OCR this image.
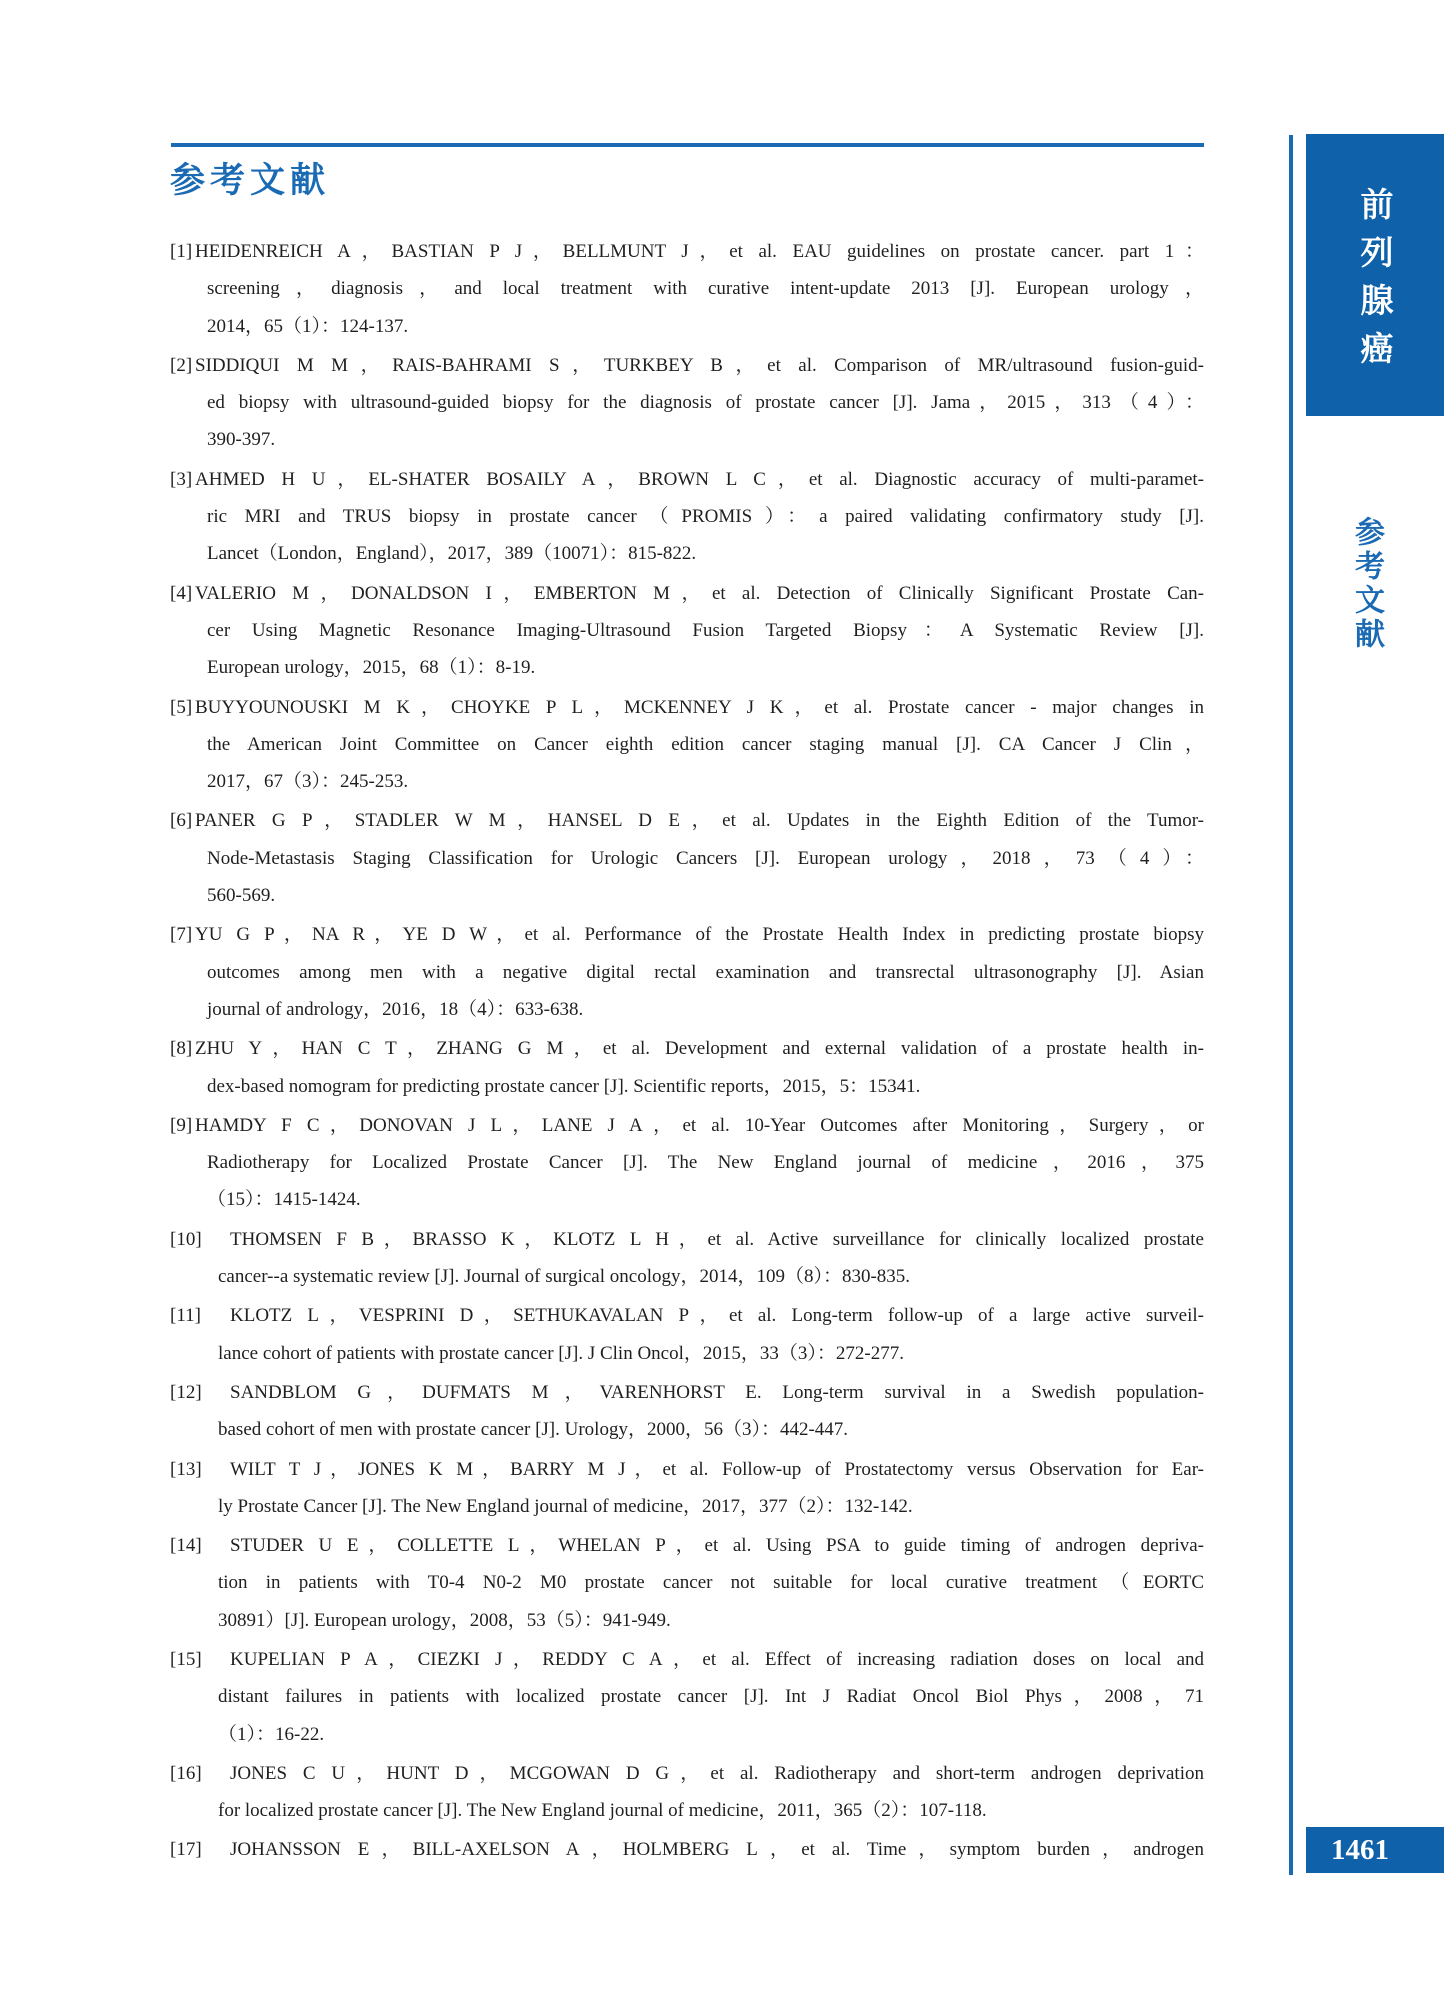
参考文献
[1] HEIDENREICH A，BASTIAN P J，BELLMUNT J，et al. EAU guidelines on prostate cancer. part 1：
screening，diagnosis，and local treatment with curative intent-update 2013 [J]. European urology，
2014，65（1）：124-137.
[2] SIDDIQUI M M，RAIS-BAHRAMI S，TURKBEY B，et al. Comparison of MR/ultrasound fusion-guid-
ed biopsy with ultrasound-guided biopsy for the diagnosis of prostate cancer [J]. Jama，2015，313（4）：
390-397.
[3] AHMED H U，EL-SHATER BOSAILY A，BROWN L C，et al. Diagnostic accuracy of multi-paramet-
ric MRI and TRUS biopsy in prostate cancer（PROMIS）：a paired validating confirmatory study [J].
Lancet（London，England），2017，389（10071）：815-822.
[4] VALERIO M，DONALDSON I，EMBERTON M，et al. Detection of Clinically Significant Prostate Can-
cer Using Magnetic Resonance Imaging-Ultrasound Fusion Targeted Biopsy：A Systematic Review [J].
European urology，2015，68（1）：8-19.
[5] BUYYOUNOUSKI M K，CHOYKE P L，MCKENNEY J K，et al. Prostate cancer - major changes in
the American Joint Committee on Cancer eighth edition cancer staging manual [J]. CA Cancer J Clin，
2017，67（3）：245-253.
[6] PANER G P，STADLER W M，HANSEL D E，et al. Updates in the Eighth Edition of the Tumor-
Node-Metastasis Staging Classification for Urologic Cancers [J]. European urology，2018，73（4）：
560-569.
[7] YU G P，NA R，YE D W，et al. Performance of the Prostate Health Index in predicting prostate biopsy
outcomes among men with a negative digital rectal examination and transrectal ultrasonography [J]. Asian
journal of andrology，2016，18（4）：633-638.
[8] ZHU Y，HAN C T，ZHANG G M，et al. Development and external validation of a prostate health in-
dex-based nomogram for predicting prostate cancer [J]. Scientific reports，2015，5：15341.
[9] HAMDY F C，DONOVAN J L，LANE J A，et al. 10-Year Outcomes after Monitoring，Surgery，or
Radiotherapy for Localized Prostate Cancer [J]. The New England journal of medicine，2016，375
（15）：1415-1424.
[10] THOMSEN F B，BRASSO K，KLOTZ L H，et al. Active surveillance for clinically localized prostate
cancer--a systematic review [J]. Journal of surgical oncology，2014，109（8）：830-835.
[11] KLOTZ L，VESPRINI D，SETHUKAVALAN P，et al. Long-term follow-up of a large active surveil-
lance cohort of patients with prostate cancer [J]. J Clin Oncol，2015，33（3）：272-277.
[12] SANDBLOM G，DUFMATS M，VARENHORST E. Long-term survival in a Swedish population-
based cohort of men with prostate cancer [J]. Urology，2000，56（3）：442-447.
[13] WILT T J，JONES K M，BARRY M J，et al. Follow-up of Prostatectomy versus Observation for Ear-
ly Prostate Cancer [J]. The New England journal of medicine，2017，377（2）：132-142.
[14] STUDER U E，COLLETTE L，WHELAN P，et al. Using PSA to guide timing of androgen depriva-
tion in patients with T0-4 N0-2 M0 prostate cancer not suitable for local curative treatment（EORTC
30891）[J]. European urology，2008，53（5）：941-949.
[15] KUPELIAN P A，CIEZKI J，REDDY C A，et al. Effect of increasing radiation doses on local and
distant failures in patients with localized prostate cancer [J]. Int J Radiat Oncol Biol Phys，2008，71
（1）：16-22.
[16] JONES C U，HUNT D，MCGOWAN D G，et al. Radiotherapy and short-term androgen deprivation
for localized prostate cancer [J]. The New England journal of medicine，2011，365（2）：107-118.
[17] JOHANSSON E，BILL-AXELSON A，HOLMBERG L，et al. Time，symptom burden，androgen
前列腺癌
参考文献
1461
